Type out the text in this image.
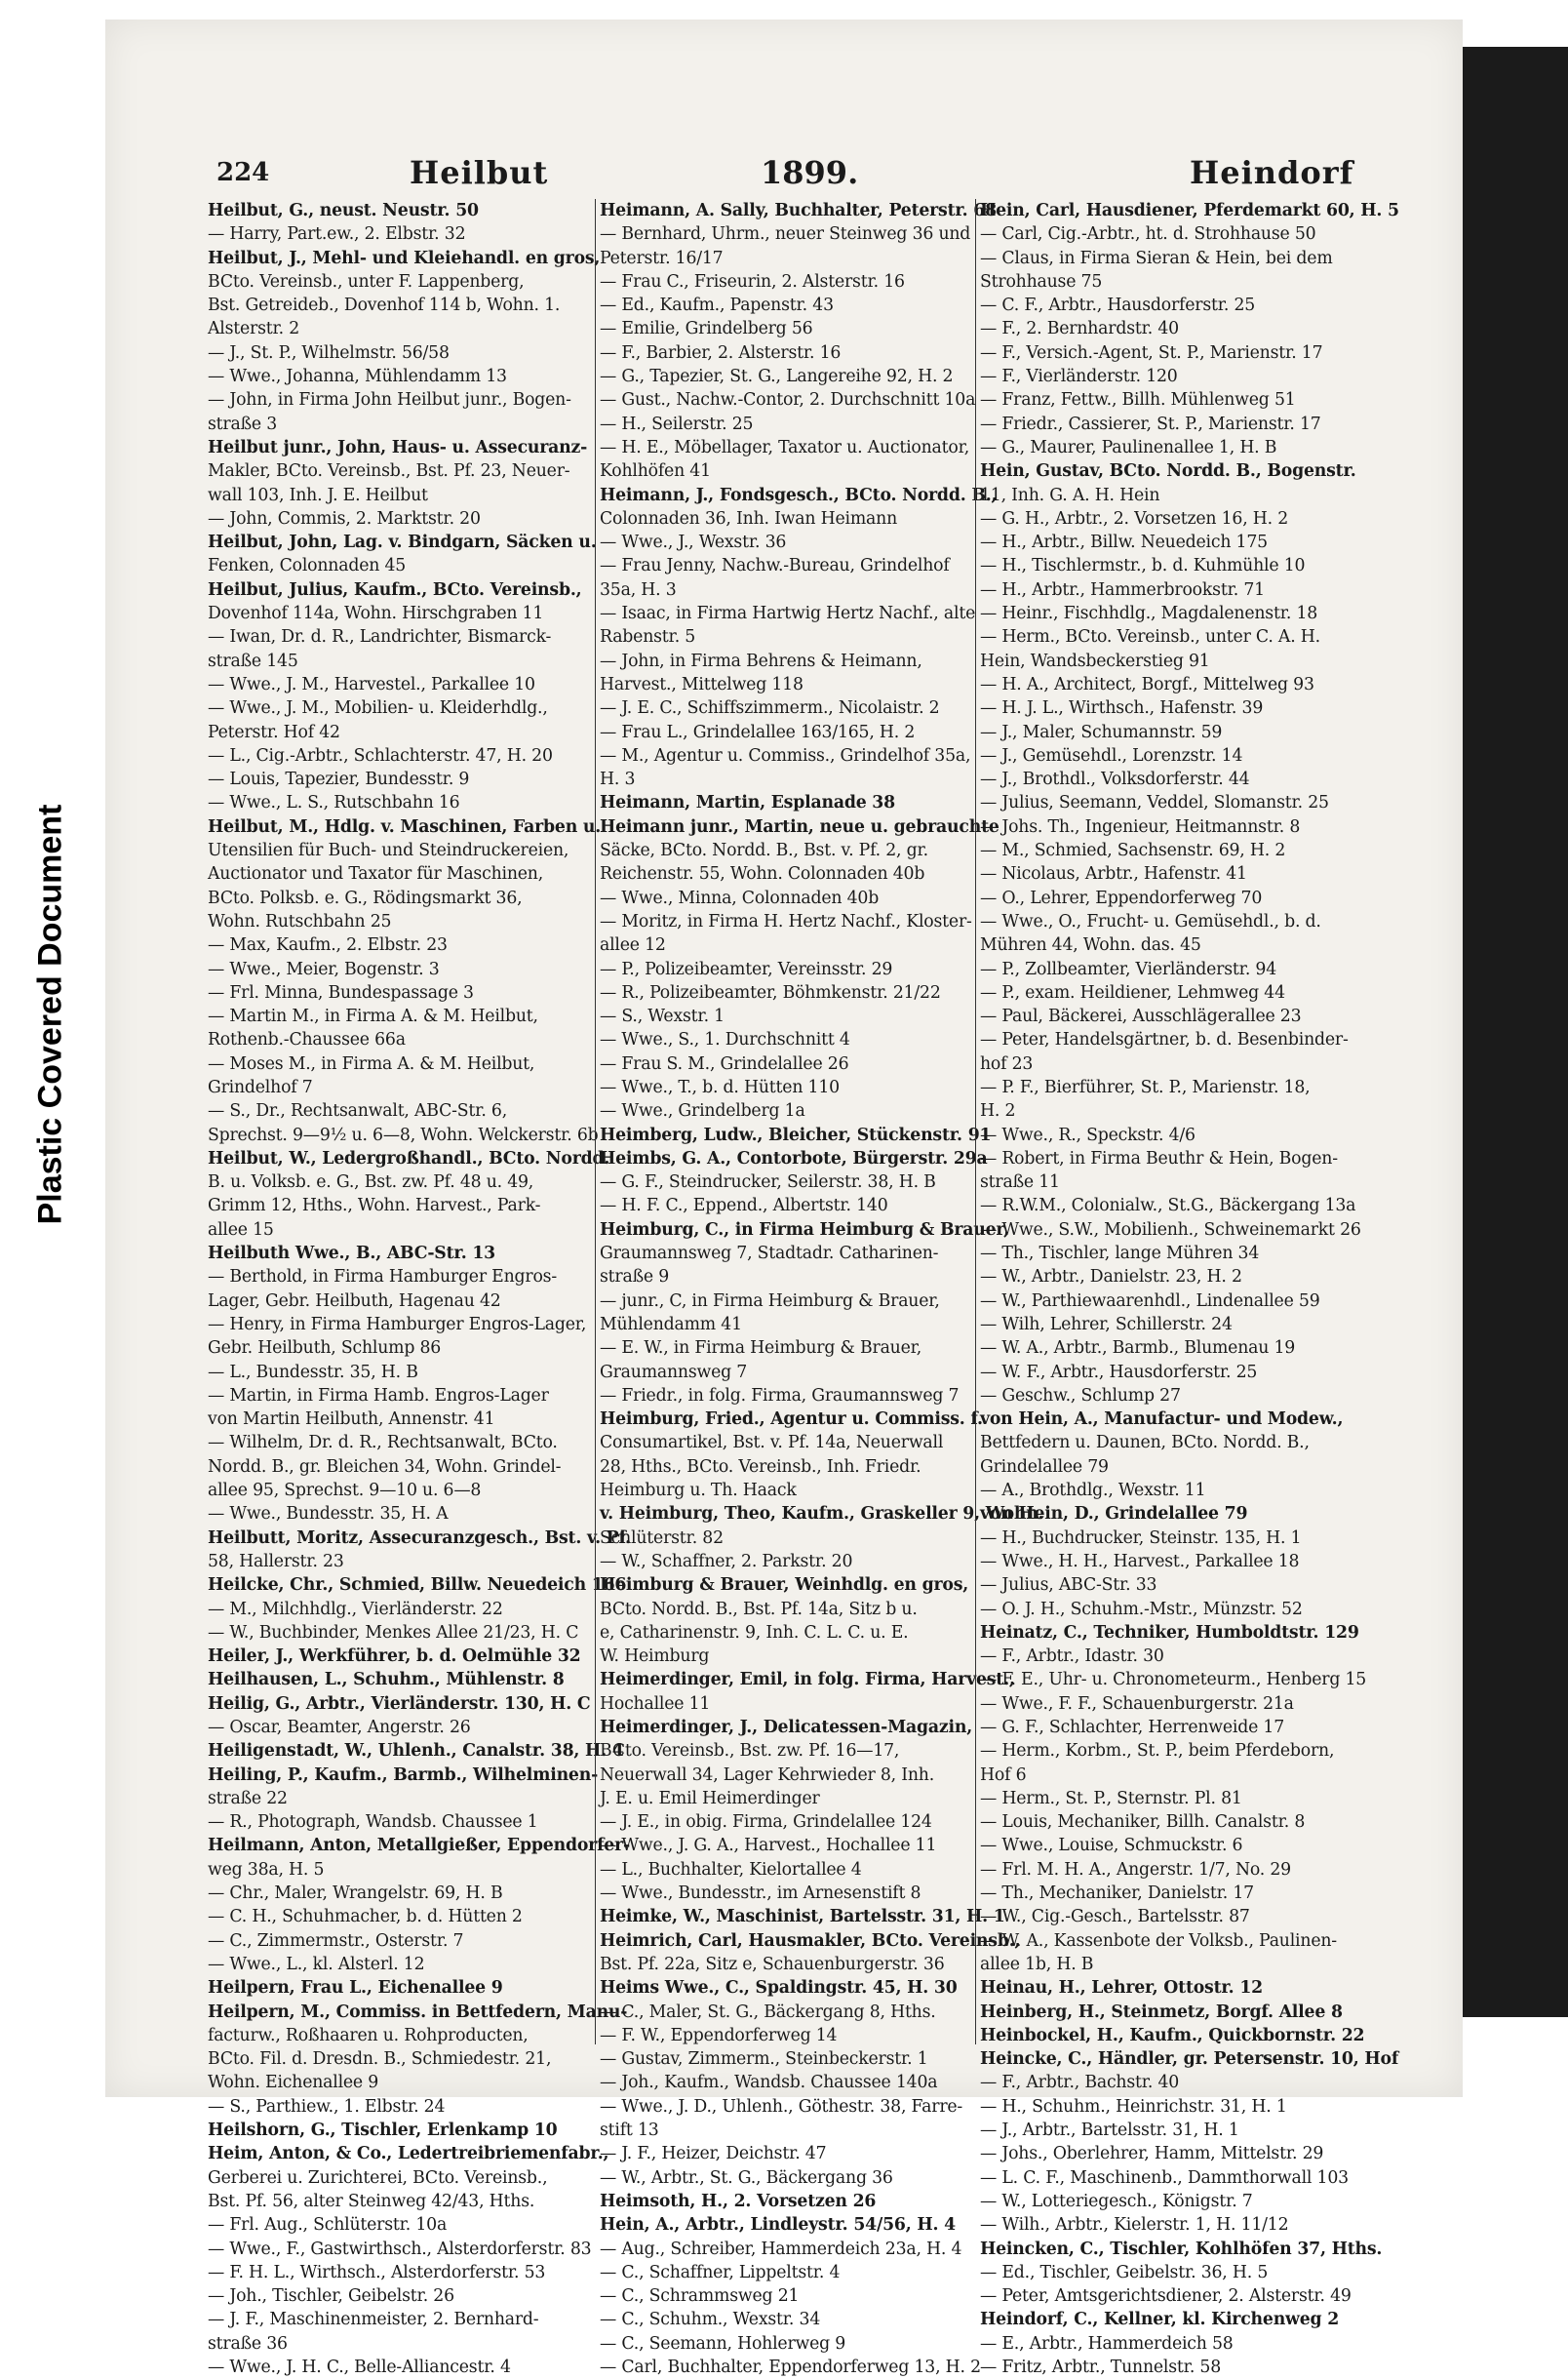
Plastic Covered Document
224	Heilbut	1899.	Heindorf
Heilbut, G., neust. Neustr. 50
— Harry, Part.ew., 2. Elbstr. 32
Heilbut, J., Mehl- und Kleiehandl. en gros,
BCto. Vereinsb., unter F. Lappenberg,
Bst. Getreideb., Dovenhof 114 b, Wohn. 1.
Alsterstr. 2
— J., St. P., Wilhelmstr. 56/58
— Wwe., Johanna, Mühlendamm 13
— John, in Firma John Heilbut junr., Bogen-
straße 3
Heilbut junr., John, Haus- u. Assecuranz-
Makler, BCto. Vereinsb., Bst. Pf. 23, Neuer-
wall 103, Inh. J. E. Heilbut
— John, Commis, 2. Marktstr. 20
Heilbut, John, Lag. v. Bindgarn, Säcken u.
Fenken, Colonnaden 45
Heilbut, Julius, Kaufm., BCto. Vereinsb.,
Dovenhof 114a, Wohn. Hirschgraben 11
— Iwan, Dr. d. R., Landrichter, Bismarck-
straße 145
— Wwe., J. M., Harvestel., Parkallee 10
— Wwe., J. M., Mobilien- u. Kleiderhdlg.,
Peterstr. Hof 42
— L., Cig.-Arbtr., Schlachterstr. 47, H. 20
— Louis, Tapezier, Bundesstr. 9
— Wwe., L. S., Rutschbahn 16
Heilbut, M., Hdlg. v. Maschinen, Farben u.
Utensilien für Buch- und Steindruckereien,
Auctionator und Taxator für Maschinen,
BCto. Polksb. e. G., Rödingsmarkt 36,
Wohn. Rutschbahn 25
— Max, Kaufm., 2. Elbstr. 23
— Wwe., Meier, Bogenstr. 3
— Frl. Minna, Bundespassage 3
— Martin M., in Firma A. & M. Heilbut,
Rothenb.-Chaussee 66a
— Moses M., in Firma A. & M. Heilbut,
Grindelhof 7
— S., Dr., Rechtsanwalt, ABC-Str. 6,
Sprechst. 9—9½ u. 6—8, Wohn. Welckerstr. 6b
Heilbut, W., Ledergroßhandl., BCto. Nordd.
B. u. Volksb. e. G., Bst. zw. Pf. 48 u. 49,
Grimm 12, Hths., Wohn. Harvest., Park-
allee 15
Heilbuth Wwe., B., ABC-Str. 13
— Berthold, in Firma Hamburger Engros-
Lager, Gebr. Heilbuth, Hagenau 42
— Henry, in Firma Hamburger Engros-Lager,
Gebr. Heilbuth, Schlump 86
— L., Bundesstr. 35, H. B
— Martin, in Firma Hamb. Engros-Lager
von Martin Heilbuth, Annenstr. 41
— Wilhelm, Dr. d. R., Rechtsanwalt, BCto.
Nordd. B., gr. Bleichen 34, Wohn. Grindel-
allee 95, Sprechst. 9—10 u. 6—8
— Wwe., Bundesstr. 35, H. A
Heilbutt, Moritz, Assecuranzgesch., Bst. v. Pf.
58, Hallerstr. 23
Heilcke, Chr., Schmied, Billw. Neuedeich 166
— M., Milchhdlg., Vierländerstr. 22
— W., Buchbinder, Menkes Allee 21/23, H. C
Heiler, J., Werkführer, b. d. Oelmühle 32
Heilhausen, L., Schuhm., Mühlenstr. 8
Heilig, G., Arbtr., Vierländerstr. 130, H. C
— Oscar, Beamter, Angerstr. 26
Heiligenstadt, W., Uhlenh., Canalstr. 38, H. 4
Heiling, P., Kaufm., Barmb., Wilhelminen-
straße 22
— R., Photograph, Wandsb. Chaussee 1
Heilmann, Anton, Metallgießer, Eppendorfer-
weg 38a, H. 5
— Chr., Maler, Wrangelstr. 69, H. B
— C. H., Schuhmacher, b. d. Hütten 2
— C., Zimmermstr., Osterstr. 7
— Wwe., L., kl. Alsterl. 12
Heilpern, Frau L., Eichenallee 9
Heilpern, M., Commiss. in Bettfedern, Manu-
facturw., Roßhaaren u. Rohproducten,
BCto. Fil. d. Dresdn. B., Schmiedestr. 21,
Wohn. Eichenallee 9
— S., Parthiew., 1. Elbstr. 24
Heilshorn, G., Tischler, Erlenkamp 10
Heim, Anton, & Co., Ledertreibriemenfabr.,
Gerberei u. Zurichterei, BCto. Vereinsb.,
Bst. Pf. 56, alter Steinweg 42/43, Hths.
— Frl. Aug., Schlüterstr. 10a
— Wwe., F., Gastwirthsch., Alsterdorferstr. 83
— F. H. L., Wirthsch., Alsterdorferstr. 53
— Joh., Tischler, Geibelstr. 26
— J. F., Maschinenmeister, 2. Bernhard-
straße 36
— Wwe., J. H. C., Belle-Alliancestr. 4
Heimann, A. Sally, Buchhalter, Peterstr. 68
— Bernhard, Uhrm., neuer Steinweg 36 und
Peterstr. 16/17
— Frau C., Friseurin, 2. Alsterstr. 16
— Ed., Kaufm., Papenstr. 43
— Emilie, Grindelberg 56
— F., Barbier, 2. Alsterstr. 16
— G., Tapezier, St. G., Langereihe 92, H. 2
— Gust., Nachw.-Contor, 2. Durchschnitt 10a
— H., Seilerstr. 25
— H. E., Möbellager, Taxator u. Auctionator,
Kohlhöfen 41
Heimann, J., Fondsgesch., BCto. Nordd. B.,
Colonnaden 36, Inh. Iwan Heimann
— Wwe., J., Wexstr. 36
— Frau Jenny, Nachw.-Bureau, Grindelhof
35a, H. 3
— Isaac, in Firma Hartwig Hertz Nachf., alte
Rabenstr. 5
— John, in Firma Behrens & Heimann,
Harvest., Mittelweg 118
— J. E. C., Schiffszimmerm., Nicolaistr. 2
— Frau L., Grindelallee 163/165, H. 2
— M., Agentur u. Commiss., Grindelhof 35a,
H. 3
Heimann, Martin, Esplanade 38
Heimann junr., Martin, neue u. gebrauchte
Säcke, BCto. Nordd. B., Bst. v. Pf. 2, gr.
Reichenstr. 55, Wohn. Colonnaden 40b
— Wwe., Minna, Colonnaden 40b
— Moritz, in Firma H. Hertz Nachf., Kloster-
allee 12
— P., Polizeibeamter, Vereinsstr. 29
— R., Polizeibeamter, Böhmkenstr. 21/22
— S., Wexstr. 1
— Wwe., S., 1. Durchschnitt 4
— Frau S. M., Grindelallee 26
— Wwe., T., b. d. Hütten 110
— Wwe., Grindelberg 1a
Heimberg, Ludw., Bleicher, Stückenstr. 91
Heimbs, G. A., Contorbote, Bürgerstr. 29a
— G. F., Steindrucker, Seilerstr. 38, H. B
— H. F. C., Eppend., Albertstr. 140
Heimburg, C., in Firma Heimburg & Brauer,
Graumannsweg 7, Stadtadr. Catharinen-
straße 9
— junr., C, in Firma Heimburg & Brauer,
Mühlendamm 41
— E. W., in Firma Heimburg & Brauer,
Graumannsweg 7
— Friedr., in folg. Firma, Graumannsweg 7
Heimburg, Fried., Agentur u. Commiss. f.
Consumartikel, Bst. v. Pf. 14a, Neuerwall
28, Hths., BCto. Vereinsb., Inh. Friedr.
Heimburg u. Th. Haack
v. Heimburg, Theo, Kaufm., Graskeller 9, Wohn.
Schlüterstr. 82
— W., Schaffner, 2. Parkstr. 20
Heimburg & Brauer, Weinhdlg. en gros,
BCto. Nordd. B., Bst. Pf. 14a, Sitz b u.
e, Catharinenstr. 9, Inh. C. L. C. u. E.
W. Heimburg
Heimerdinger, Emil, in folg. Firma, Harvest.,
Hochallee 11
Heimerdinger, J., Delicatessen-Magazin,
BCto. Vereinsb., Bst. zw. Pf. 16—17,
Neuerwall 34, Lager Kehrwieder 8, Inh.
J. E. u. Emil Heimerdinger
— J. E., in obig. Firma, Grindelallee 124
— Wwe., J. G. A., Harvest., Hochallee 11
— L., Buchhalter, Kielortallee 4
— Wwe., Bundesstr., im Arnesenstift 8
Heimke, W., Maschinist, Bartelsstr. 31, H. 1
Heimrich, Carl, Hausmakler, BCto. Vereinsb.,
Bst. Pf. 22a, Sitz e, Schauenburgerstr. 36
Heims Wwe., C., Spaldingstr. 45, H. 30
— C., Maler, St. G., Bäckergang 8, Hths.
— F. W., Eppendorferweg 14
— Gustav, Zimmerm., Steinbeckerstr. 1
— Joh., Kaufm., Wandsb. Chaussee 140a
— Wwe., J. D., Uhlenh., Göthestr. 38, Farre-
stift 13
— J. F., Heizer, Deichstr. 47
— W., Arbtr., St. G., Bäckergang 36
Heimsoth, H., 2. Vorsetzen 26
Hein, A., Arbtr., Lindleystr. 54/56, H. 4
— Aug., Schreiber, Hammerdeich 23a, H. 4
— C., Schaffner, Lippeltstr. 4
— C., Schrammsweg 21
— C., Schuhm., Wexstr. 34
— C., Seemann, Hohlerweg 9
— Carl, Buchhalter, Eppendorferweg 13, H. 2
Hein, Carl, Hausdiener, Pferdemarkt 60, H. 5
— Carl, Cig.-Arbtr., ht. d. Strohhause 50
— Claus, in Firma Sieran & Hein, bei dem
Strohhause 75
— C. F., Arbtr., Hausdorferstr. 25
— F., 2. Bernhardstr. 40
— F., Versich.-Agent, St. P., Marienstr. 17
— F., Vierländerstr. 120
— Franz, Fettw., Billh. Mühlenweg 51
— Friedr., Cassierer, St. P., Marienstr. 17
— G., Maurer, Paulinenallee 1, H. B
Hein, Gustav, BCto. Nordd. B., Bogenstr.
11, Inh. G. A. H. Hein
— G. H., Arbtr., 2. Vorsetzen 16, H. 2
— H., Arbtr., Billw. Neuedeich 175
— H., Tischlermstr., b. d. Kuhmühle 10
— H., Arbtr., Hammerbrookstr. 71
— Heinr., Fischhdlg., Magdalenenstr. 18
— Herm., BCto. Vereinsb., unter C. A. H.
Hein, Wandsbeckerstieg 91
— H. A., Architect, Borgf., Mittelweg 93
— H. J. L., Wirthsch., Hafenstr. 39
— J., Maler, Schumannstr. 59
— J., Gemüsehdl., Lorenzstr. 14
— J., Brothdl., Volksdorferstr. 44
— Julius, Seemann, Veddel, Slomanstr. 25
— Johs. Th., Ingenieur, Heitmannstr. 8
— M., Schmied, Sachsenstr. 69, H. 2
— Nicolaus, Arbtr., Hafenstr. 41
— O., Lehrer, Eppendorferweg 70
— Wwe., O., Frucht- u. Gemüsehdl., b. d.
Mühren 44, Wohn. das. 45
— P., Zollbeamter, Vierländerstr. 94
— P., exam. Heildiener, Lehmweg 44
— Paul, Bäckerei, Ausschlägerallee 23
— Peter, Handelsgärtner, b. d. Besenbinder-
hof 23
— P. F., Bierführer, St. P., Marienstr. 18,
H. 2
— Wwe., R., Speckstr. 4/6
— Robert, in Firma Beuthr & Hein, Bogen-
straße 11
— R.W.M., Colonialw., St.G., Bäckergang 13a
— Wwe., S.W., Mobilienh., Schweinemarkt 26
— Th., Tischler, lange Mühren 34
— W., Arbtr., Danielstr. 23, H. 2
— W., Parthiewaarenhdl., Lindenallee 59
— Wilh, Lehrer, Schillerstr. 24
— W. A., Arbtr., Barmb., Blumenau 19
— W. F., Arbtr., Hausdorferstr. 25
— Geschw., Schlump 27
von Hein, A., Manufactur- und Modew.,
Bettfedern u. Daunen, BCto. Nordd. B.,
Grindelallee 79
— A., Brothdlg., Wexstr. 11
von Hein, D., Grindelallee 79
— H., Buchdrucker, Steinstr. 135, H. 1
— Wwe., H. H., Harvest., Parkallee 18
— Julius, ABC-Str. 33
— O. J. H., Schuhm.-Mstr., Münzstr. 52
Heinatz, C., Techniker, Humboldtstr. 129
— F., Arbtr., Idastr. 30
— F. E., Uhr- u. Chronometeurm., Henberg 15
— Wwe., F. F., Schauenburgerstr. 21a
— G. F., Schlachter, Herrenweide 17
— Herm., Korbm., St. P., beim Pferdeborn,
Hof 6
— Herm., St. P., Sternstr. Pl. 81
— Louis, Mechaniker, Billh. Canalstr. 8
— Wwe., Louise, Schmuckstr. 6
— Frl. M. H. A., Angerstr. 1/7, No. 29
— Th., Mechaniker, Danielstr. 17
— W., Cig.-Gesch., Bartelsstr. 87
— W. A., Kassenbote der Volksb., Paulinen-
allee 1b, H. B
Heinau, H., Lehrer, Ottostr. 12
Heinberg, H., Steinmetz, Borgf. Allee 8
Heinbockel, H., Kaufm., Quickbornstr. 22
Heincke, C., Händler, gr. Petersenstr. 10, Hof
— F., Arbtr., Bachstr. 40
— H., Schuhm., Heinrichstr. 31, H. 1
— J., Arbtr., Bartelsstr. 31, H. 1
— Johs., Oberlehrer, Hamm, Mittelstr. 29
— L. C. F., Maschinenb., Dammthorwall 103
— W., Lotteriegesch., Königstr. 7
— Wilh., Arbtr., Kielerstr. 1, H. 11/12
Heincken, C., Tischler, Kohlhöfen 37, Hths.
— Ed., Tischler, Geibelstr. 36, H. 5
— Peter, Amtsgerichtsdiener, 2. Alsterstr. 49
Heindorf, C., Kellner, kl. Kirchenweg 2
— E., Arbtr., Hammerdeich 58
— Fritz, Arbtr., Tunnelstr. 58
